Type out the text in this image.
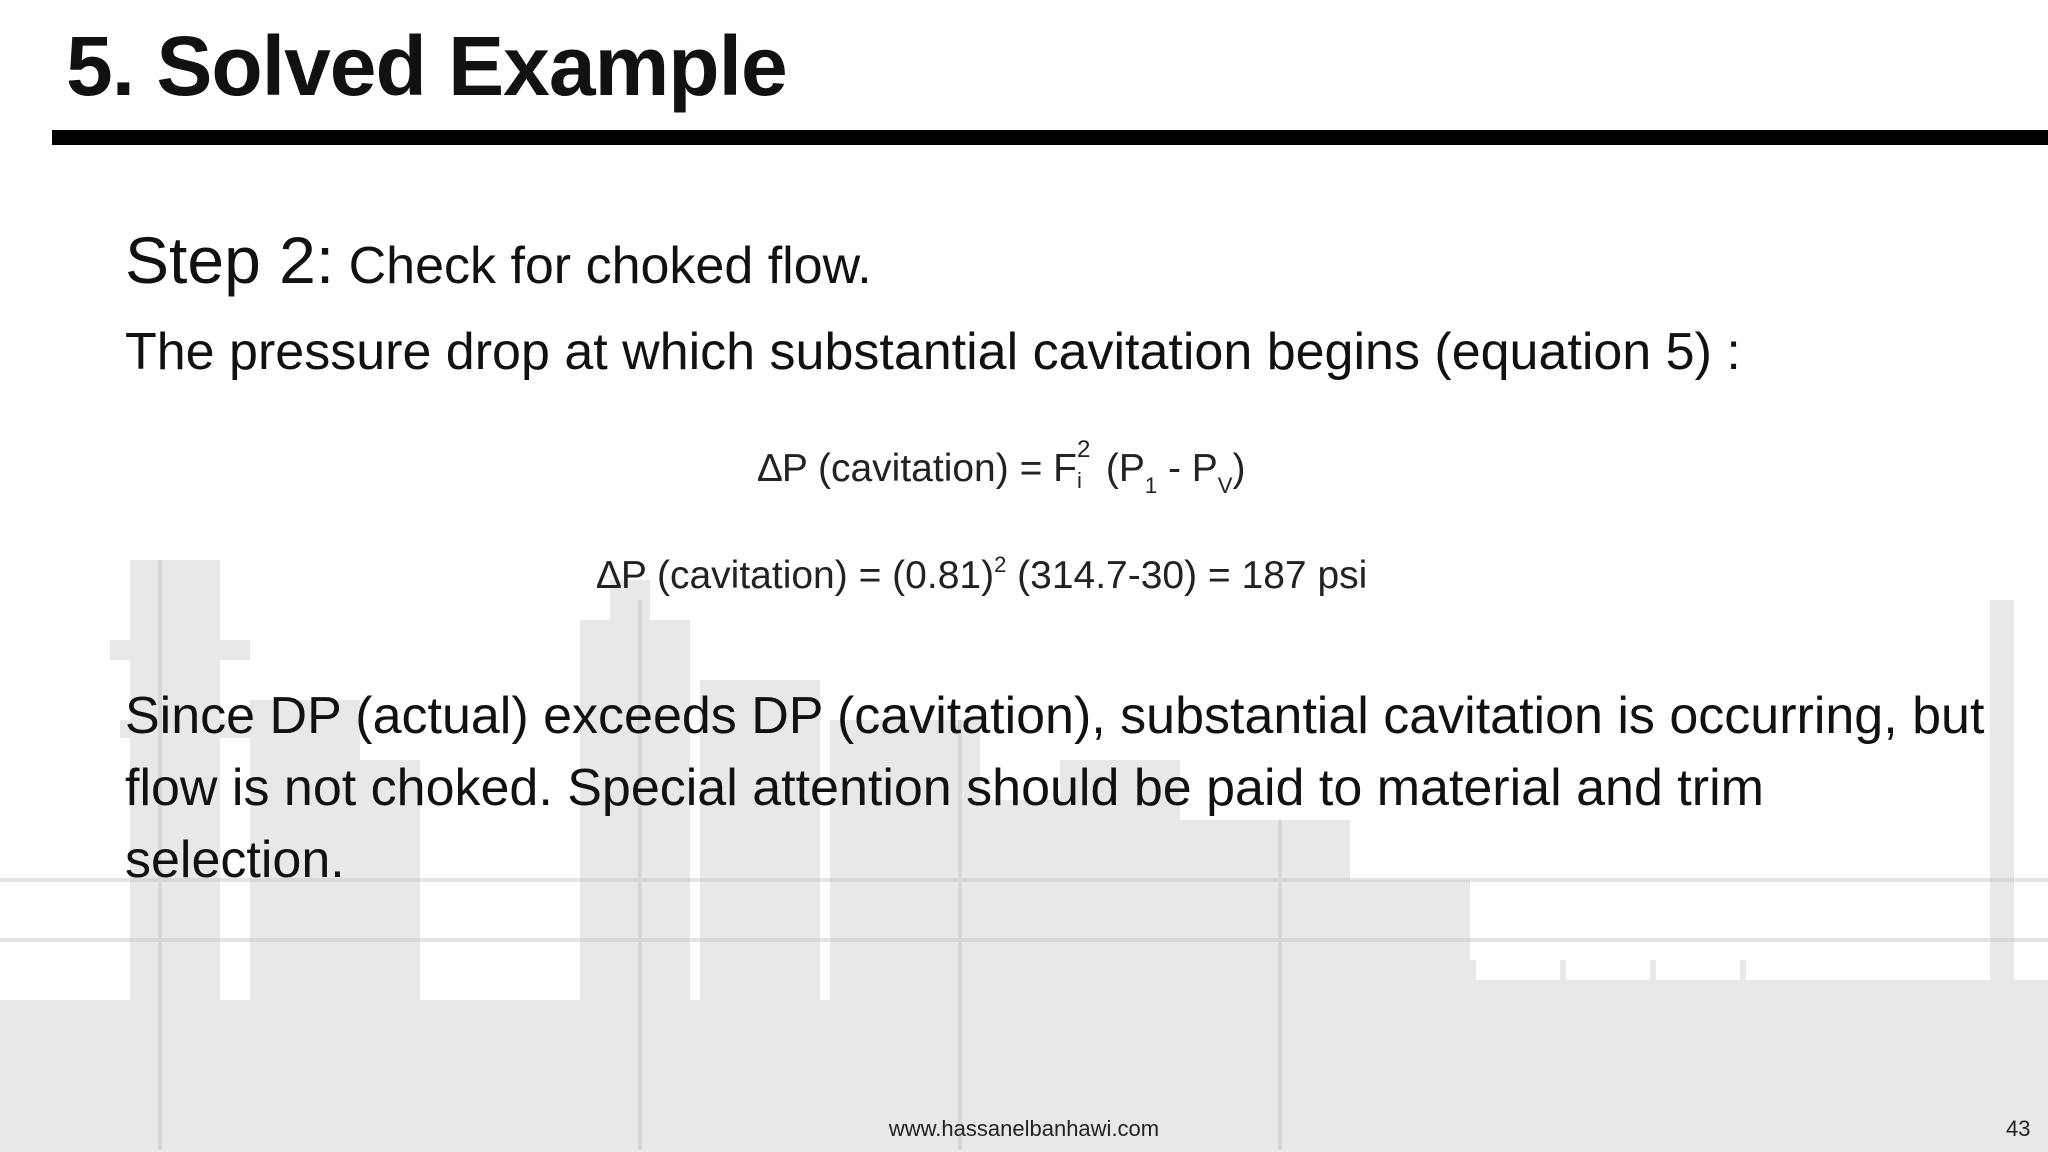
5. Solved Example
Step 2: Check for choked flow.
The pressure drop at which substantial cavitation begins (equation 5) :
∆P (cavitation) = F 2
i $(P_1 - P_V)$
∆P (cavitation) = $(0.81)^2$ (314.7-30) = 187 psi
Since DP (actual) exceeds DP (cavitation), substantial cavitation is occurring, but flow is not choked. Special attention should be paid to material and trim selection.
www.hassanelbanhawi.com	43
